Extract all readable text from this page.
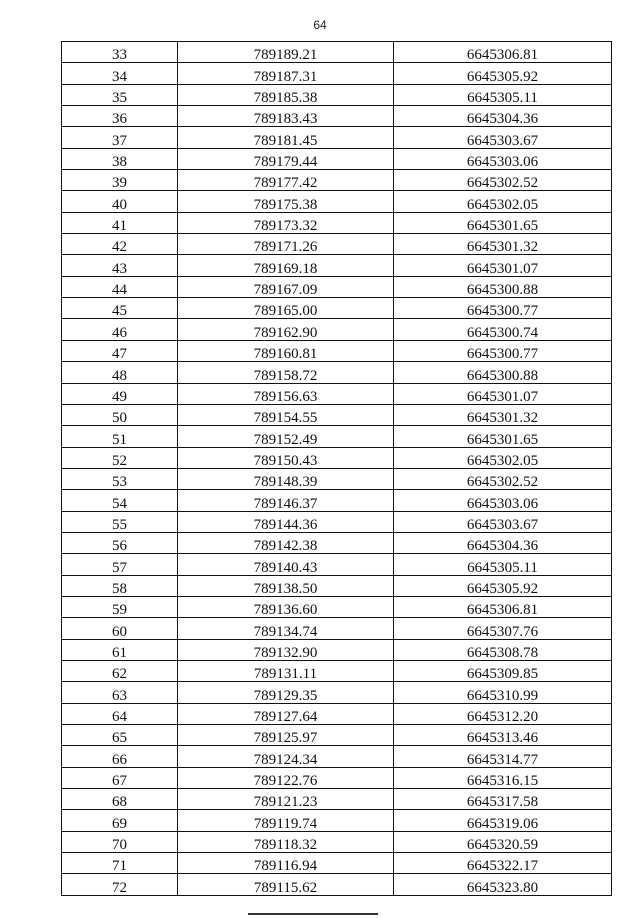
64
33	789189.21	6645306.81
34	789187.31	6645305.92
35	789185.38	6645305.11
36	789183.43	6645304.36
37	789181.45	6645303.67
38	789179.44	6645303.06
39	789177.42	6645302.52
40	789175.38	6645302.05
41	789173.32	6645301.65
42	789171.26	6645301.32
43	789169.18	6645301.07
44	789167.09	6645300.88
45	789165.00	6645300.77
46	789162.90	6645300.74
47	789160.81	6645300.77
48	789158.72	6645300.88
49	789156.63	6645301.07
50	789154.55	6645301.32
51	789152.49	6645301.65
52	789150.43	6645302.05
53	789148.39	6645302.52
54	789146.37	6645303.06
55	789144.36	6645303.67
56	789142.38	6645304.36
57	789140.43	6645305.11
58	789138.50	6645305.92
59	789136.60	6645306.81
60	789134.74	6645307.76
61	789132.90	6645308.78
62	789131.11	6645309.85
63	789129.35	6645310.99
64	789127.64	6645312.20
65	789125.97	6645313.46
66	789124.34	6645314.77
67	789122.76	6645316.15
68	789121.23	6645317.58
69	789119.74	6645319.06
70	789118.32	6645320.59
71	789116.94	6645322.17
72	789115.62	6645323.80
